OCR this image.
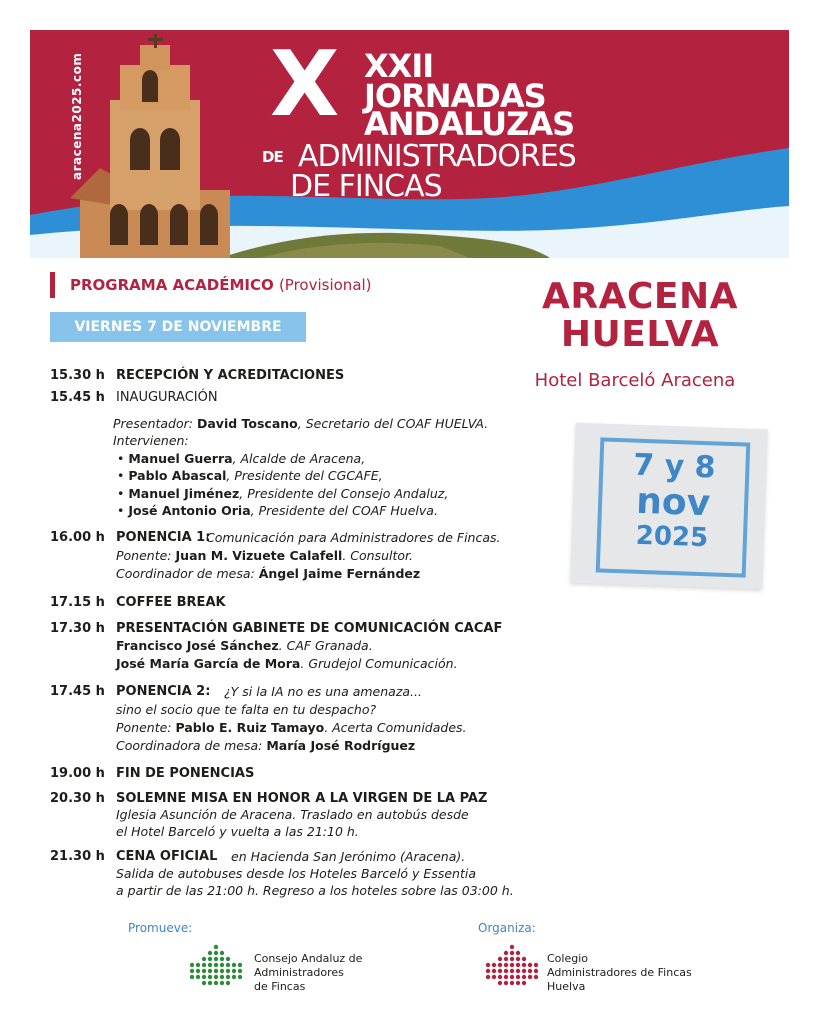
aracena2025.com X XXII
JORNADAS
ANDALUZAS
DE ADMINISTRADORES
DE FINCAS
PROGRAMA ACADÉMICO (Provisional)
VIERNES 7 DE NOVIEMBRE
ARACENA
HUELVA
Hotel Barceló Aracena
7 y 8
nov
2025
15.30 h RECEPCIÓN Y ACREDITACIONES
15.45 h INAUGURACIÓN
Presentador: David Toscano, Secretario del COAF HUELVA.
Intervienen:
• Manuel Guerra, Alcalde de Aracena,
• Pablo Abascal, Presidente del CGCAFE,
• Manuel Jiménez, Presidente del Consejo Andaluz,
• José Antonio Oria, Presidente del COAF Huelva.
16.00 h PONENCIA 1:
Comunicación para Administradores de Fincas.
Ponente: Juan M. Vizuete Calafell. Consultor.
Coordinador de mesa: Ángel Jaime Fernández
17.15 h COFFEE BREAK
17.30 h PRESENTACIÓN GABINETE DE COMUNICACIÓN CACAF
Francisco José Sánchez. CAF Granada.
José María García de Mora. Grudejol Comunicación.
17.45 h PONENCIA 2: ¿Y si la IA no es una amenaza...
sino el socio que te falta en tu despacho?
Ponente: Pablo E. Ruiz Tamayo. Acerta Comunidades.
Coordinadora de mesa: María José Rodríguez
19.00 h FIN DE PONENCIAS
20.30 h SOLEMNE MISA EN HONOR A LA VIRGEN DE LA PAZ
Iglesia Asunción de Aracena. Traslado en autobús desde
el Hotel Barceló y vuelta a las 21:10 h.
21.30 h CENA OFICIAL en Hacienda San Jerónimo (Aracena).
Salida de autobuses desde los Hoteles Barceló y Essentia
a partir de las 21:00 h. Regreso a los hoteles sobre las 03:00 h.
Promueve:
Consejo Andaluz de
Administradores
de Fincas
Organiza:
Colegio
Administradores de Fincas
Huelva
